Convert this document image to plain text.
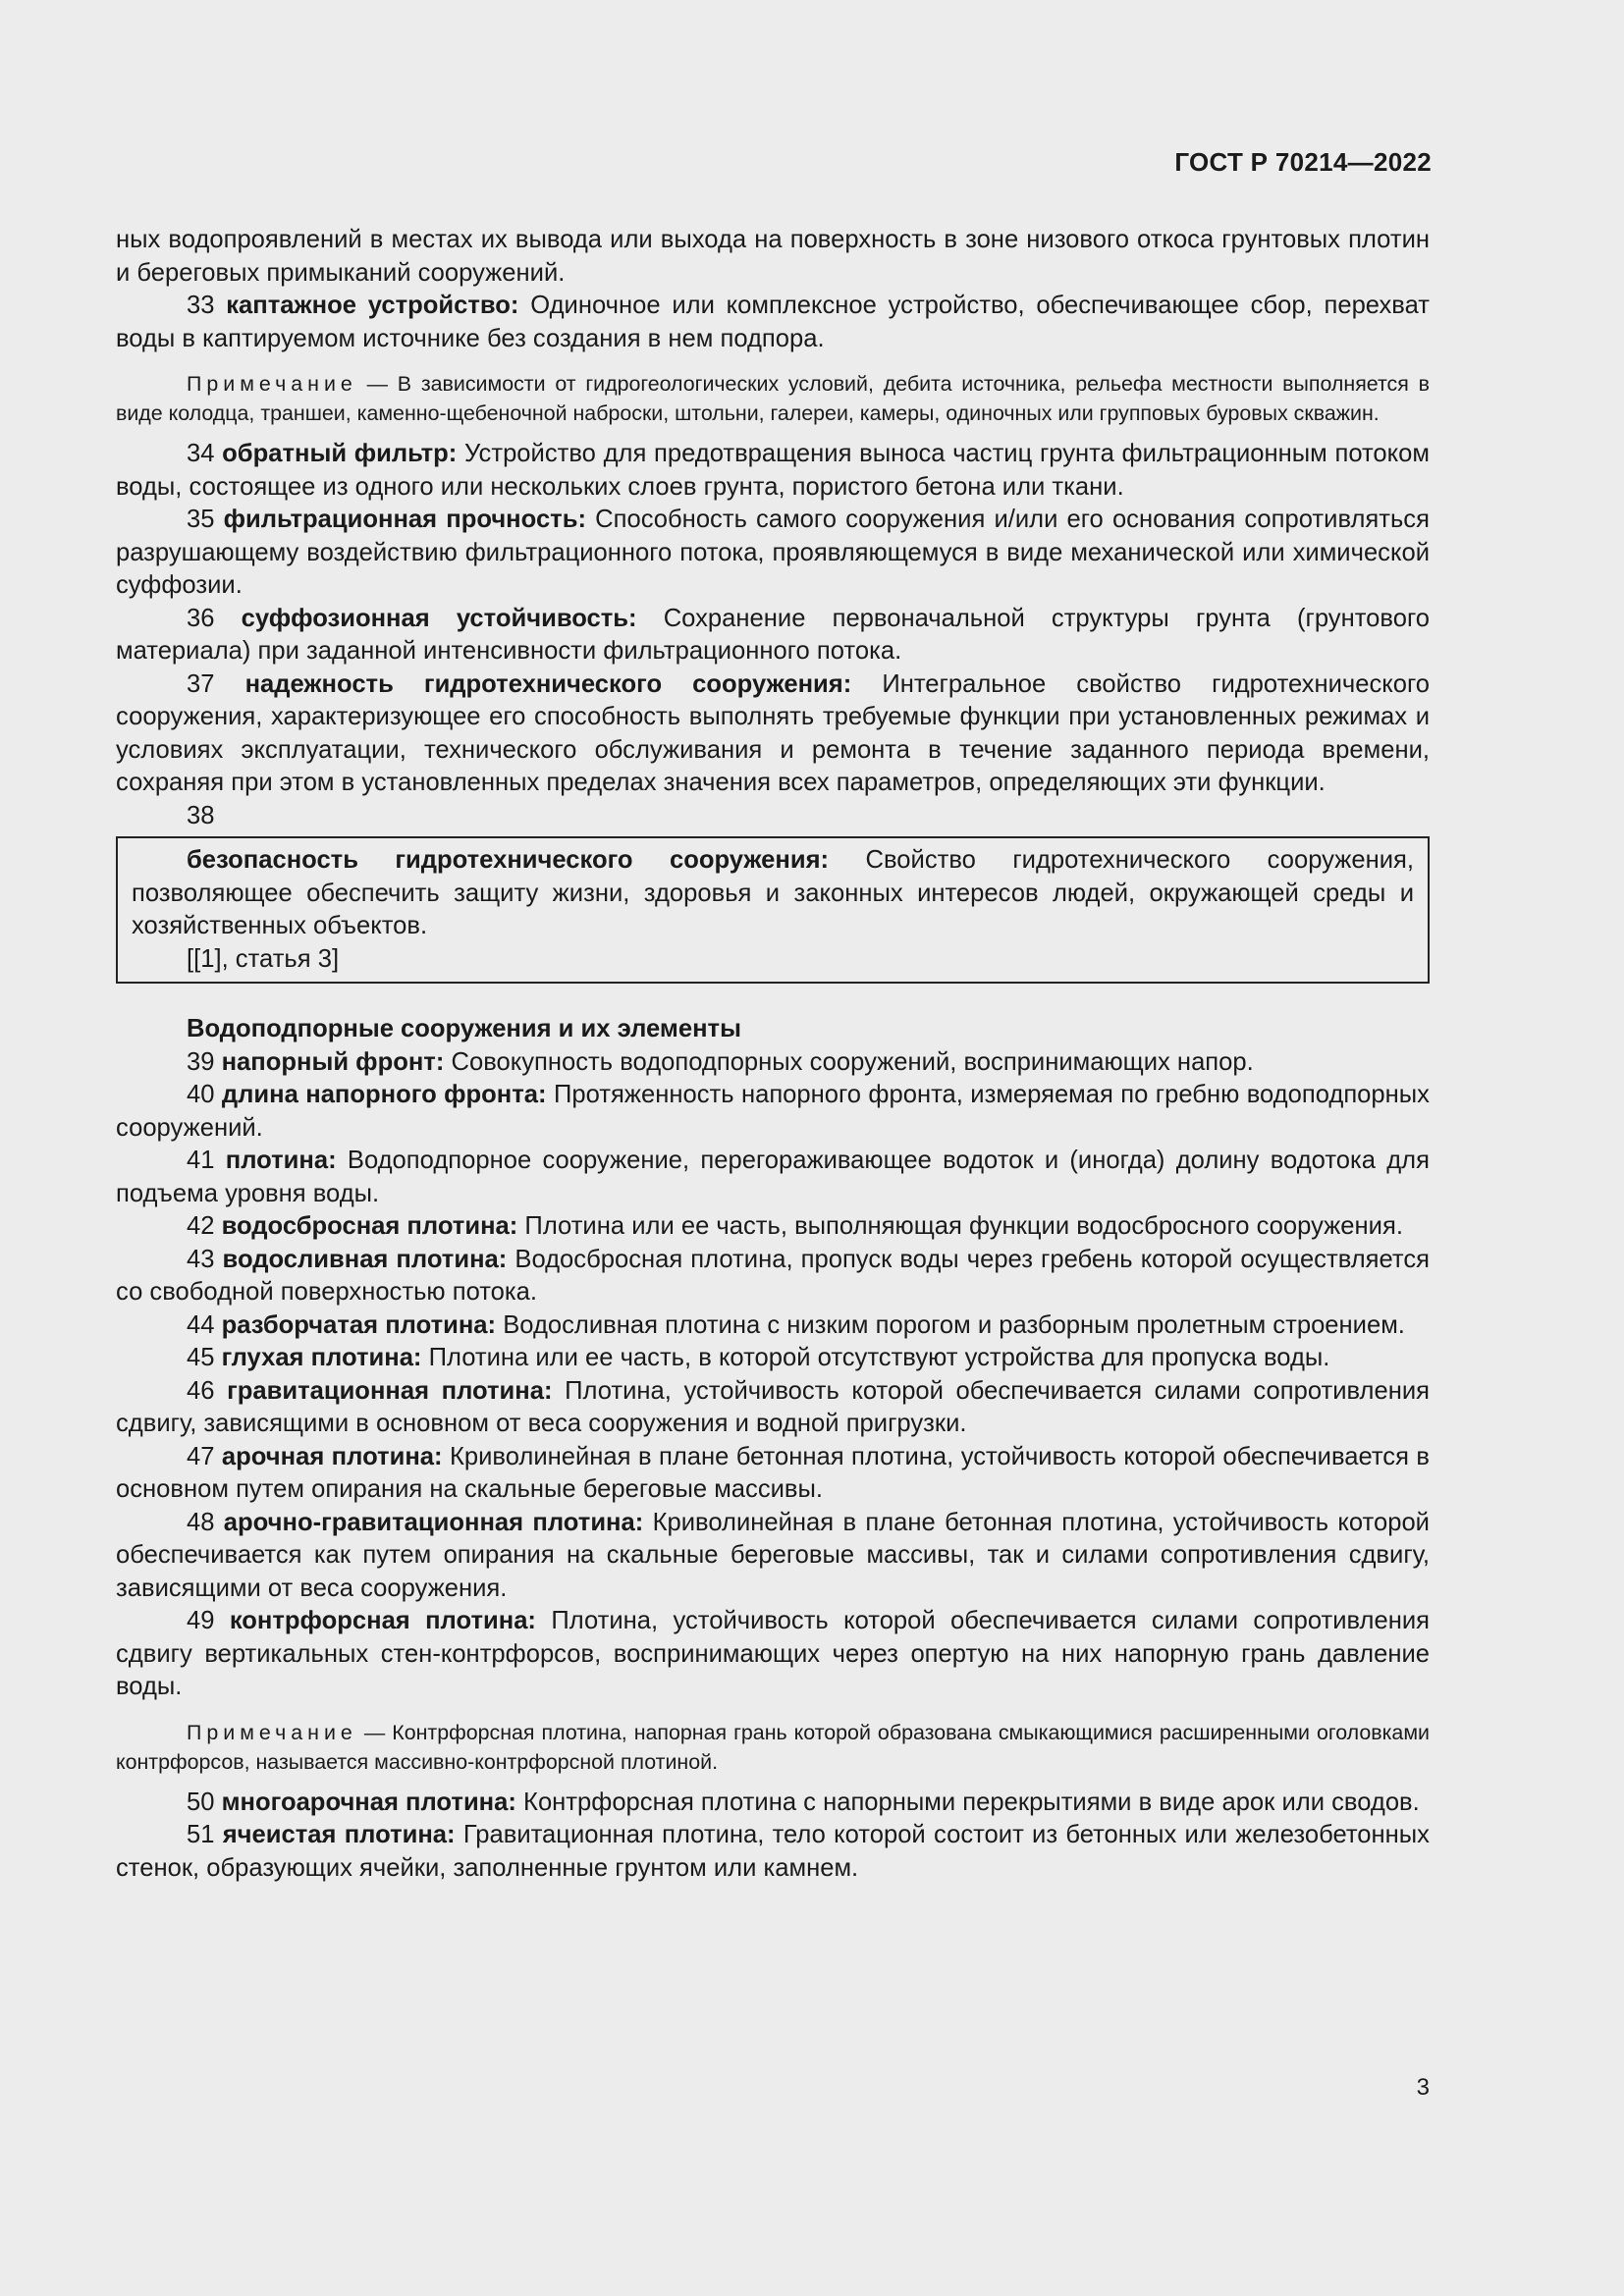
ГОСТ Р 70214—2022

ных водопроявлений в местах их вывода или выхода на поверхность в зоне низового откоса грунтовых плотин и береговых примыканий сооружений.

33 каптажное устройство: Одиночное или комплексное устройство, обеспечивающее сбор, перехват воды в каптируемом источнике без создания в нем подпора.

Примечание — В зависимости от гидрогеологических условий, дебита источника, рельефа местности выполняется в виде колодца, траншеи, каменно-щебеночной наброски, штольни, галереи, камеры, одиночных или групповых буровых скважин.

34 обратный фильтр: Устройство для предотвращения выноса частиц грунта фильтрационным потоком воды, состоящее из одного или нескольких слоев грунта, пористого бетона или ткани.

35 фильтрационная прочность: Способность самого сооружения и/или его основания сопротивляться разрушающему воздействию фильтрационного потока, проявляющемуся в виде механической или химической суффозии.

36 суффозионная устойчивость: Сохранение первоначальной структуры грунта (грунтового материала) при заданной интенсивности фильтрационного потока.

37 надежность гидротехнического сооружения: Интегральное свойство гидротехнического сооружения, характеризующее его способность выполнять требуемые функции при установленных режимах и условиях эксплуатации, технического обслуживания и ремонта в течение заданного периода времени, сохраняя при этом в установленных пределах значения всех параметров, определяющих эти функции.

38

безопасность гидротехнического сооружения: Свойство гидротехнического сооружения, позволяющее обеспечить защиту жизни, здоровья и законных интересов людей, окружающей среды и хозяйственных объектов.

[[1], статья 3]

Водоподпорные сооружения и их элементы

39 напорный фронт: Совокупность водоподпорных сооружений, воспринимающих напор.

40 длина напорного фронта: Протяженность напорного фронта, измеряемая по гребню водоподпорных сооружений.

41 плотина: Водоподпорное сооружение, перегораживающее водоток и (иногда) долину водотока для подъема уровня воды.

42 водосбросная плотина: Плотина или ее часть, выполняющая функции водосбросного сооружения.

43 водосливная плотина: Водосбросная плотина, пропуск воды через гребень которой осуществляется со свободной поверхностью потока.

44 разборчатая плотина: Водосливная плотина с низким порогом и разборным пролетным строением.

45 глухая плотина: Плотина или ее часть, в которой отсутствуют устройства для пропуска воды.

46 гравитационная плотина: Плотина, устойчивость которой обеспечивается силами сопротивления сдвигу, зависящими в основном от веса сооружения и водной пригрузки.

47 арочная плотина: Криволинейная в плане бетонная плотина, устойчивость которой обеспечивается в основном путем опирания на скальные береговые массивы.

48 арочно-гравитационная плотина: Криволинейная в плане бетонная плотина, устойчивость которой обеспечивается как путем опирания на скальные береговые массивы, так и силами сопротивления сдвигу, зависящими от веса сооружения.

49 контрфорсная плотина: Плотина, устойчивость которой обеспечивается силами сопротивления сдвигу вертикальных стен-контрфорсов, воспринимающих через опертую на них напорную грань давление воды.

Примечание — Контрфорсная плотина, напорная грань которой образована смыкающимися расширенными оголовками контрфорсов, называется массивно-контрфорсной плотиной.

50 многоарочная плотина: Контрфорсная плотина с напорными перекрытиями в виде арок или сводов.

51 ячеистая плотина: Гравитационная плотина, тело которой состоит из бетонных или железобетонных стенок, образующих ячейки, заполненные грунтом или камнем.

3
